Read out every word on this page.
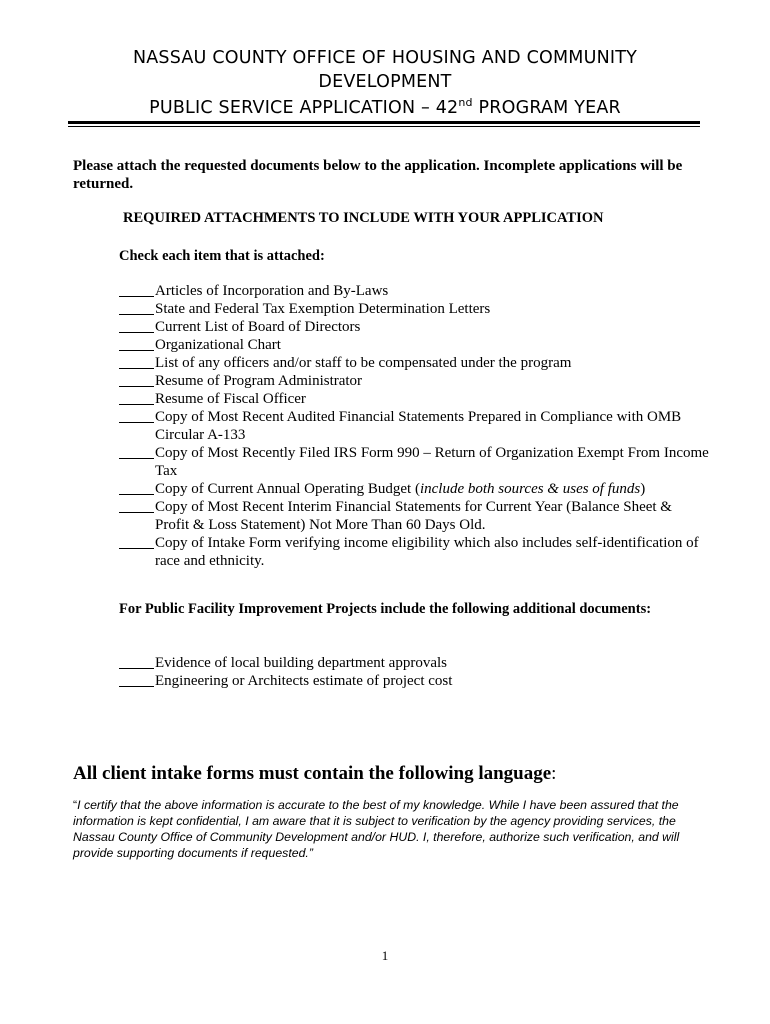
NASSAU COUNTY OFFICE OF HOUSING AND COMMUNITY
DEVELOPMENT
PUBLIC SERVICE APPLICATION – 42nd PROGRAM YEAR
Please attach the requested documents below to the application. Incomplete applications will be returned.
REQUIRED ATTACHMENTS TO INCLUDE WITH YOUR APPLICATION
Check each item that is attached:
Articles of Incorporation and By-Laws
State and Federal Tax Exemption Determination Letters
Current List of Board of Directors
Organizational Chart
List of any officers and/or staff to be compensated under the program
Resume of Program Administrator
Resume of Fiscal Officer
Copy of Most Recent Audited Financial Statements Prepared in Compliance with OMB Circular A-133
Copy of Most Recently Filed IRS Form 990 – Return of Organization Exempt From Income Tax
Copy of Current Annual Operating Budget (include both sources & uses of funds)
Copy of Most Recent Interim Financial Statements for Current Year (Balance Sheet & Profit & Loss Statement) Not More Than 60 Days Old.
Copy of Intake Form verifying income eligibility which also includes self-identification of race and ethnicity.
For Public Facility Improvement Projects include the following additional documents:
Evidence of local building department approvals
Engineering or Architects estimate of project cost
All client intake forms must contain the following language:
“I certify that the above information is accurate to the best of my knowledge. While I have been assured that the information is kept confidential, I am aware that it is subject to verification by the agency providing services, the Nassau County Office of Community Development and/or HUD. I, therefore, authorize such verification, and will provide supporting documents if requested.”
1
